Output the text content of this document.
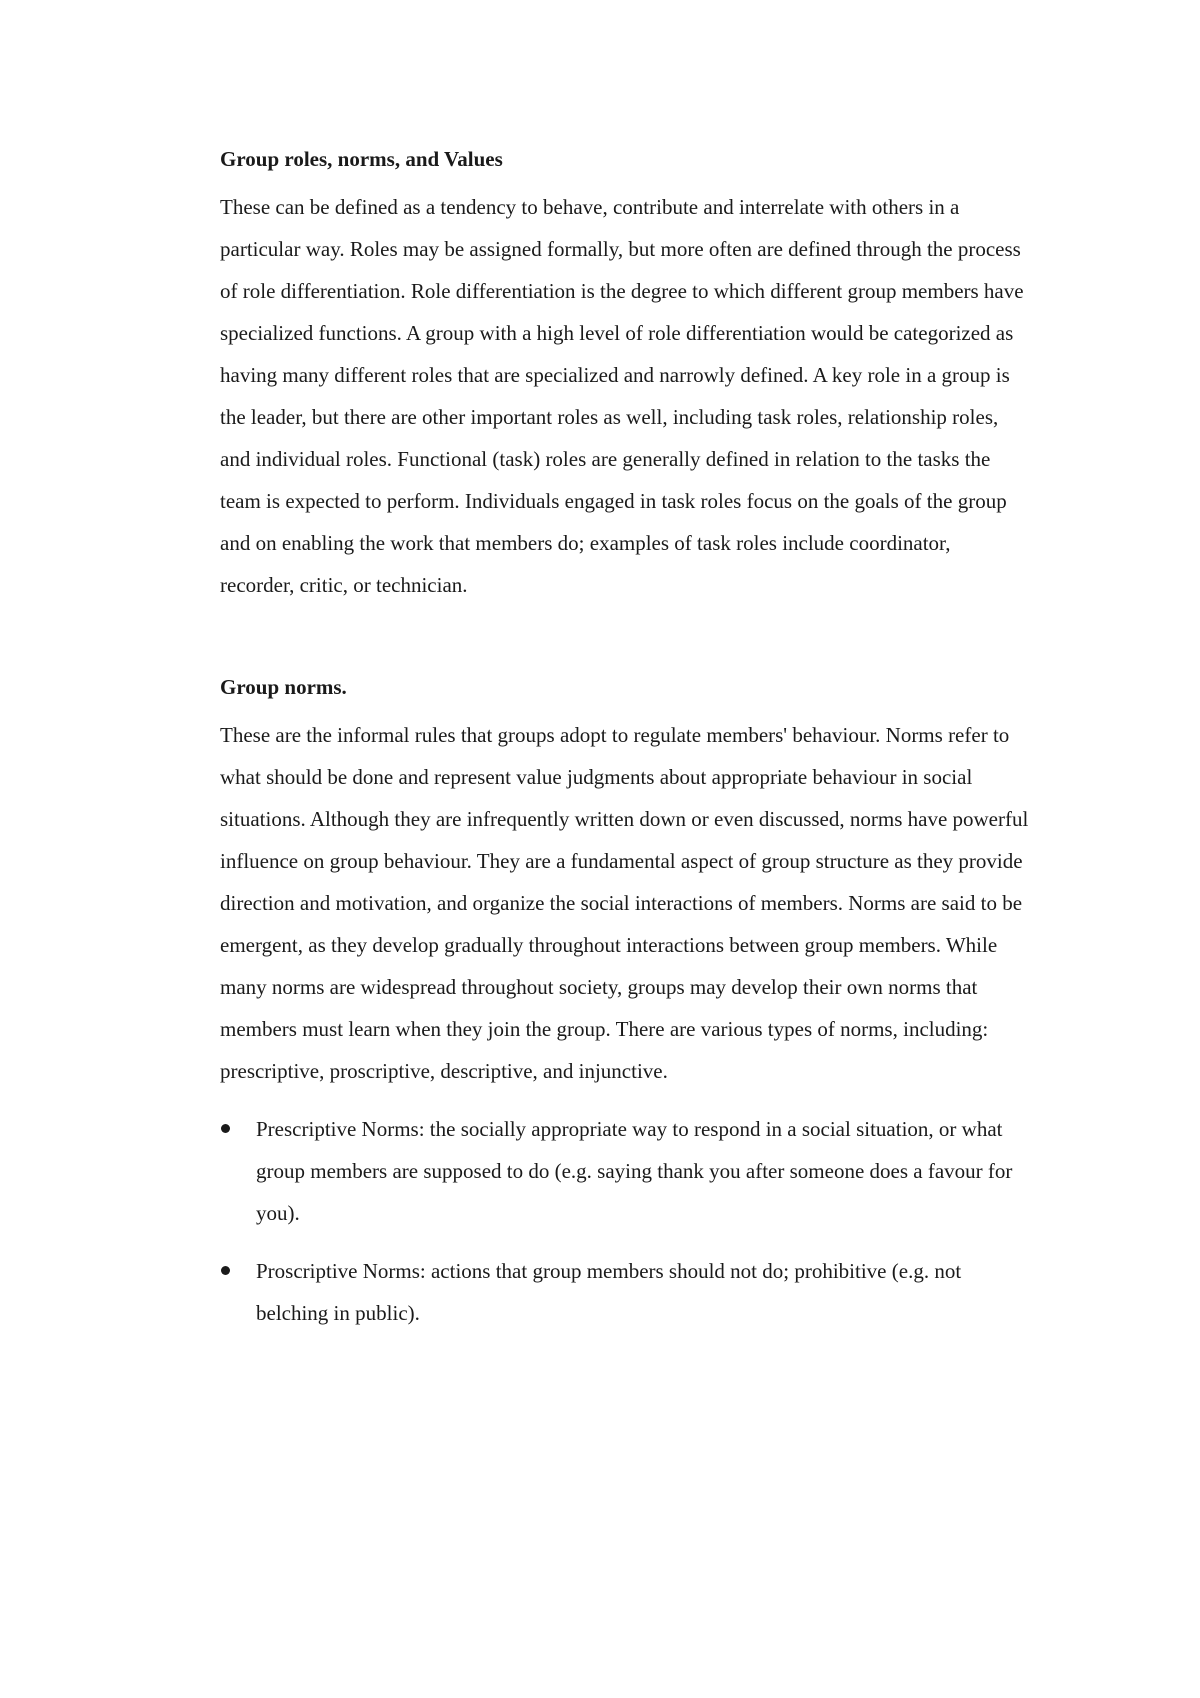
Group roles, norms, and Values

These can be defined as a tendency to behave, contribute and interrelate with others in a particular way. Roles may be assigned formally, but more often are defined through the process of role differentiation. Role differentiation is the degree to which different group members have specialized functions. A group with a high level of role differentiation would be categorized as having many different roles that are specialized and narrowly defined. A key role in a group is the leader, but there are other important roles as well, including task roles, relationship roles, and individual roles. Functional (task) roles are generally defined in relation to the tasks the team is expected to perform. Individuals engaged in task roles focus on the goals of the group and on enabling the work that members do; examples of task roles include coordinator, recorder, critic, or technician.

Group norms.

These are the informal rules that groups adopt to regulate members' behaviour. Norms refer to what should be done and represent value judgments about appropriate behaviour in social situations. Although they are infrequently written down or even discussed, norms have powerful influence on group behaviour. They are a fundamental aspect of group structure as they provide direction and motivation, and organize the social interactions of members. Norms are said to be emergent, as they develop gradually throughout interactions between group members. While many norms are widespread throughout society, groups may develop their own norms that members must learn when they join the group. There are various types of norms, including: prescriptive, proscriptive, descriptive, and injunctive.

Prescriptive Norms: the socially appropriate way to respond in a social situation, or what group members are supposed to do (e.g. saying thank you after someone does a favour for you).
Proscriptive Norms: actions that group members should not do; prohibitive (e.g. not belching in public).
